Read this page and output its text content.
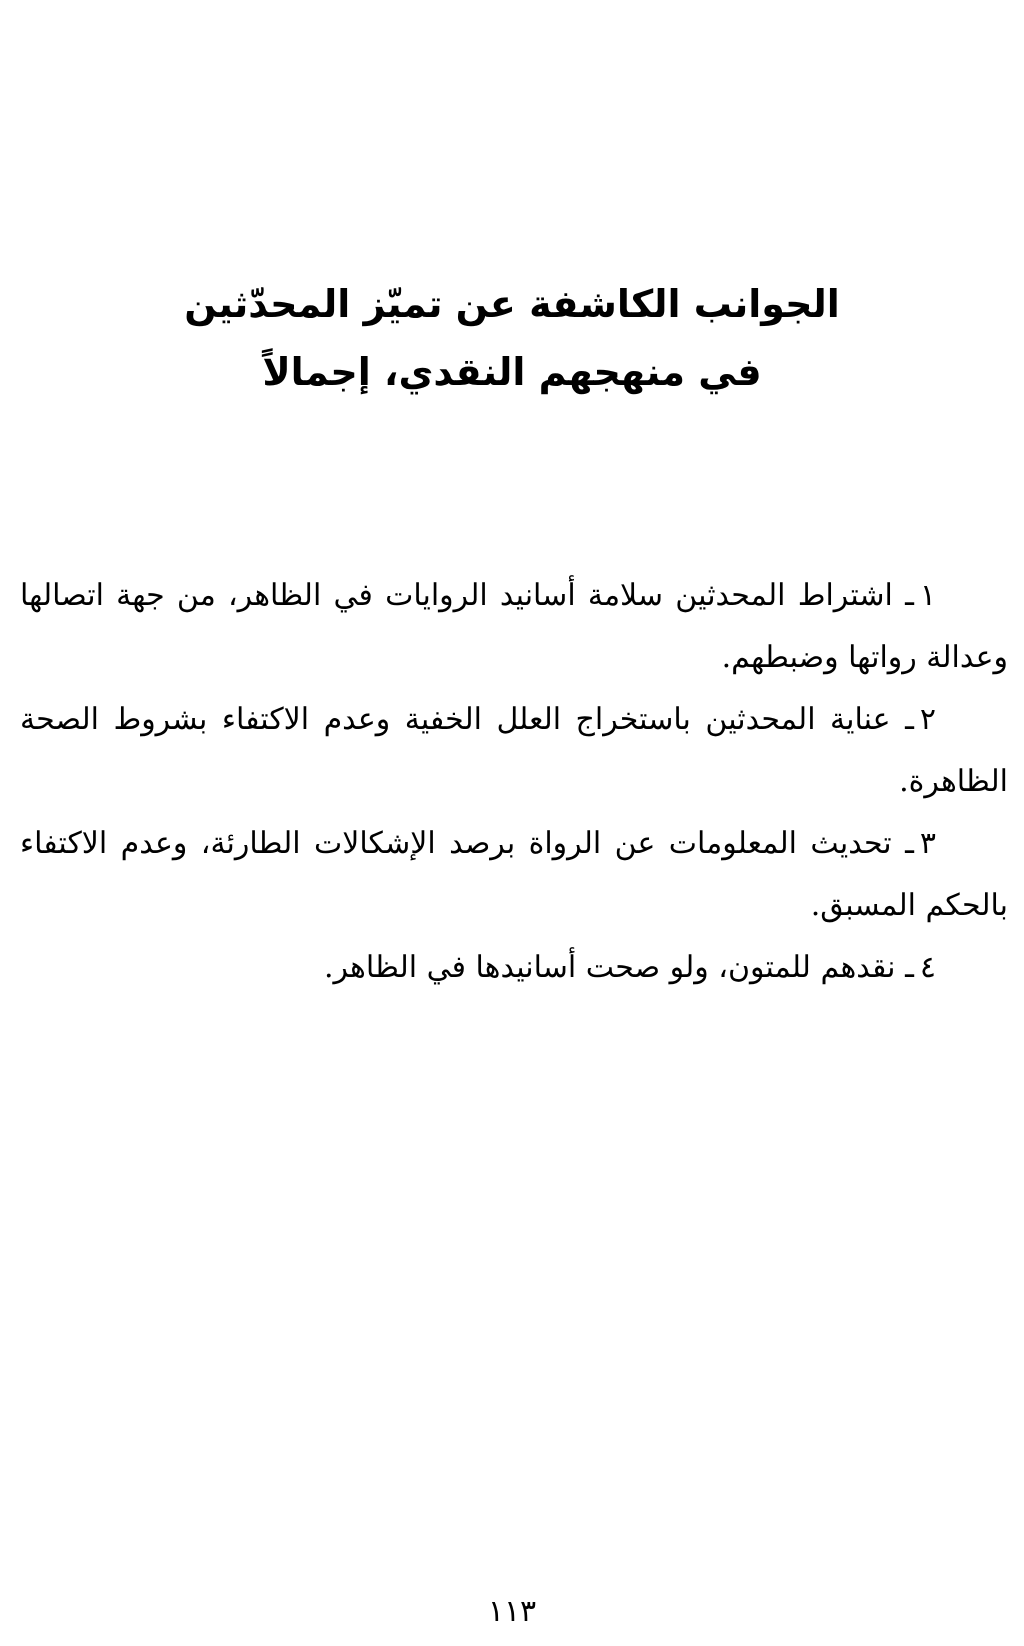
الجوانب الكاشفة عن تميّز المحدّثين
في منهجهم النقدي، إجمالاً

١ـ اشتراط المحدثين سلامة أسانيد الروايات في الظاهر، من جهة اتصالها وعدالة رواتها وضبطهم.

٢ـ عناية المحدثين باستخراج العلل الخفية وعدم الاكتفاء بشروط الصحة الظاهرة.

٣ـ تحديث المعلومات عن الرواة برصد الإشكالات الطارئة، وعدم الاكتفاء بالحكم المسبق.

٤ـ نقدهم للمتون، ولو صحت أسانيدها في الظاهر.

١١٣
